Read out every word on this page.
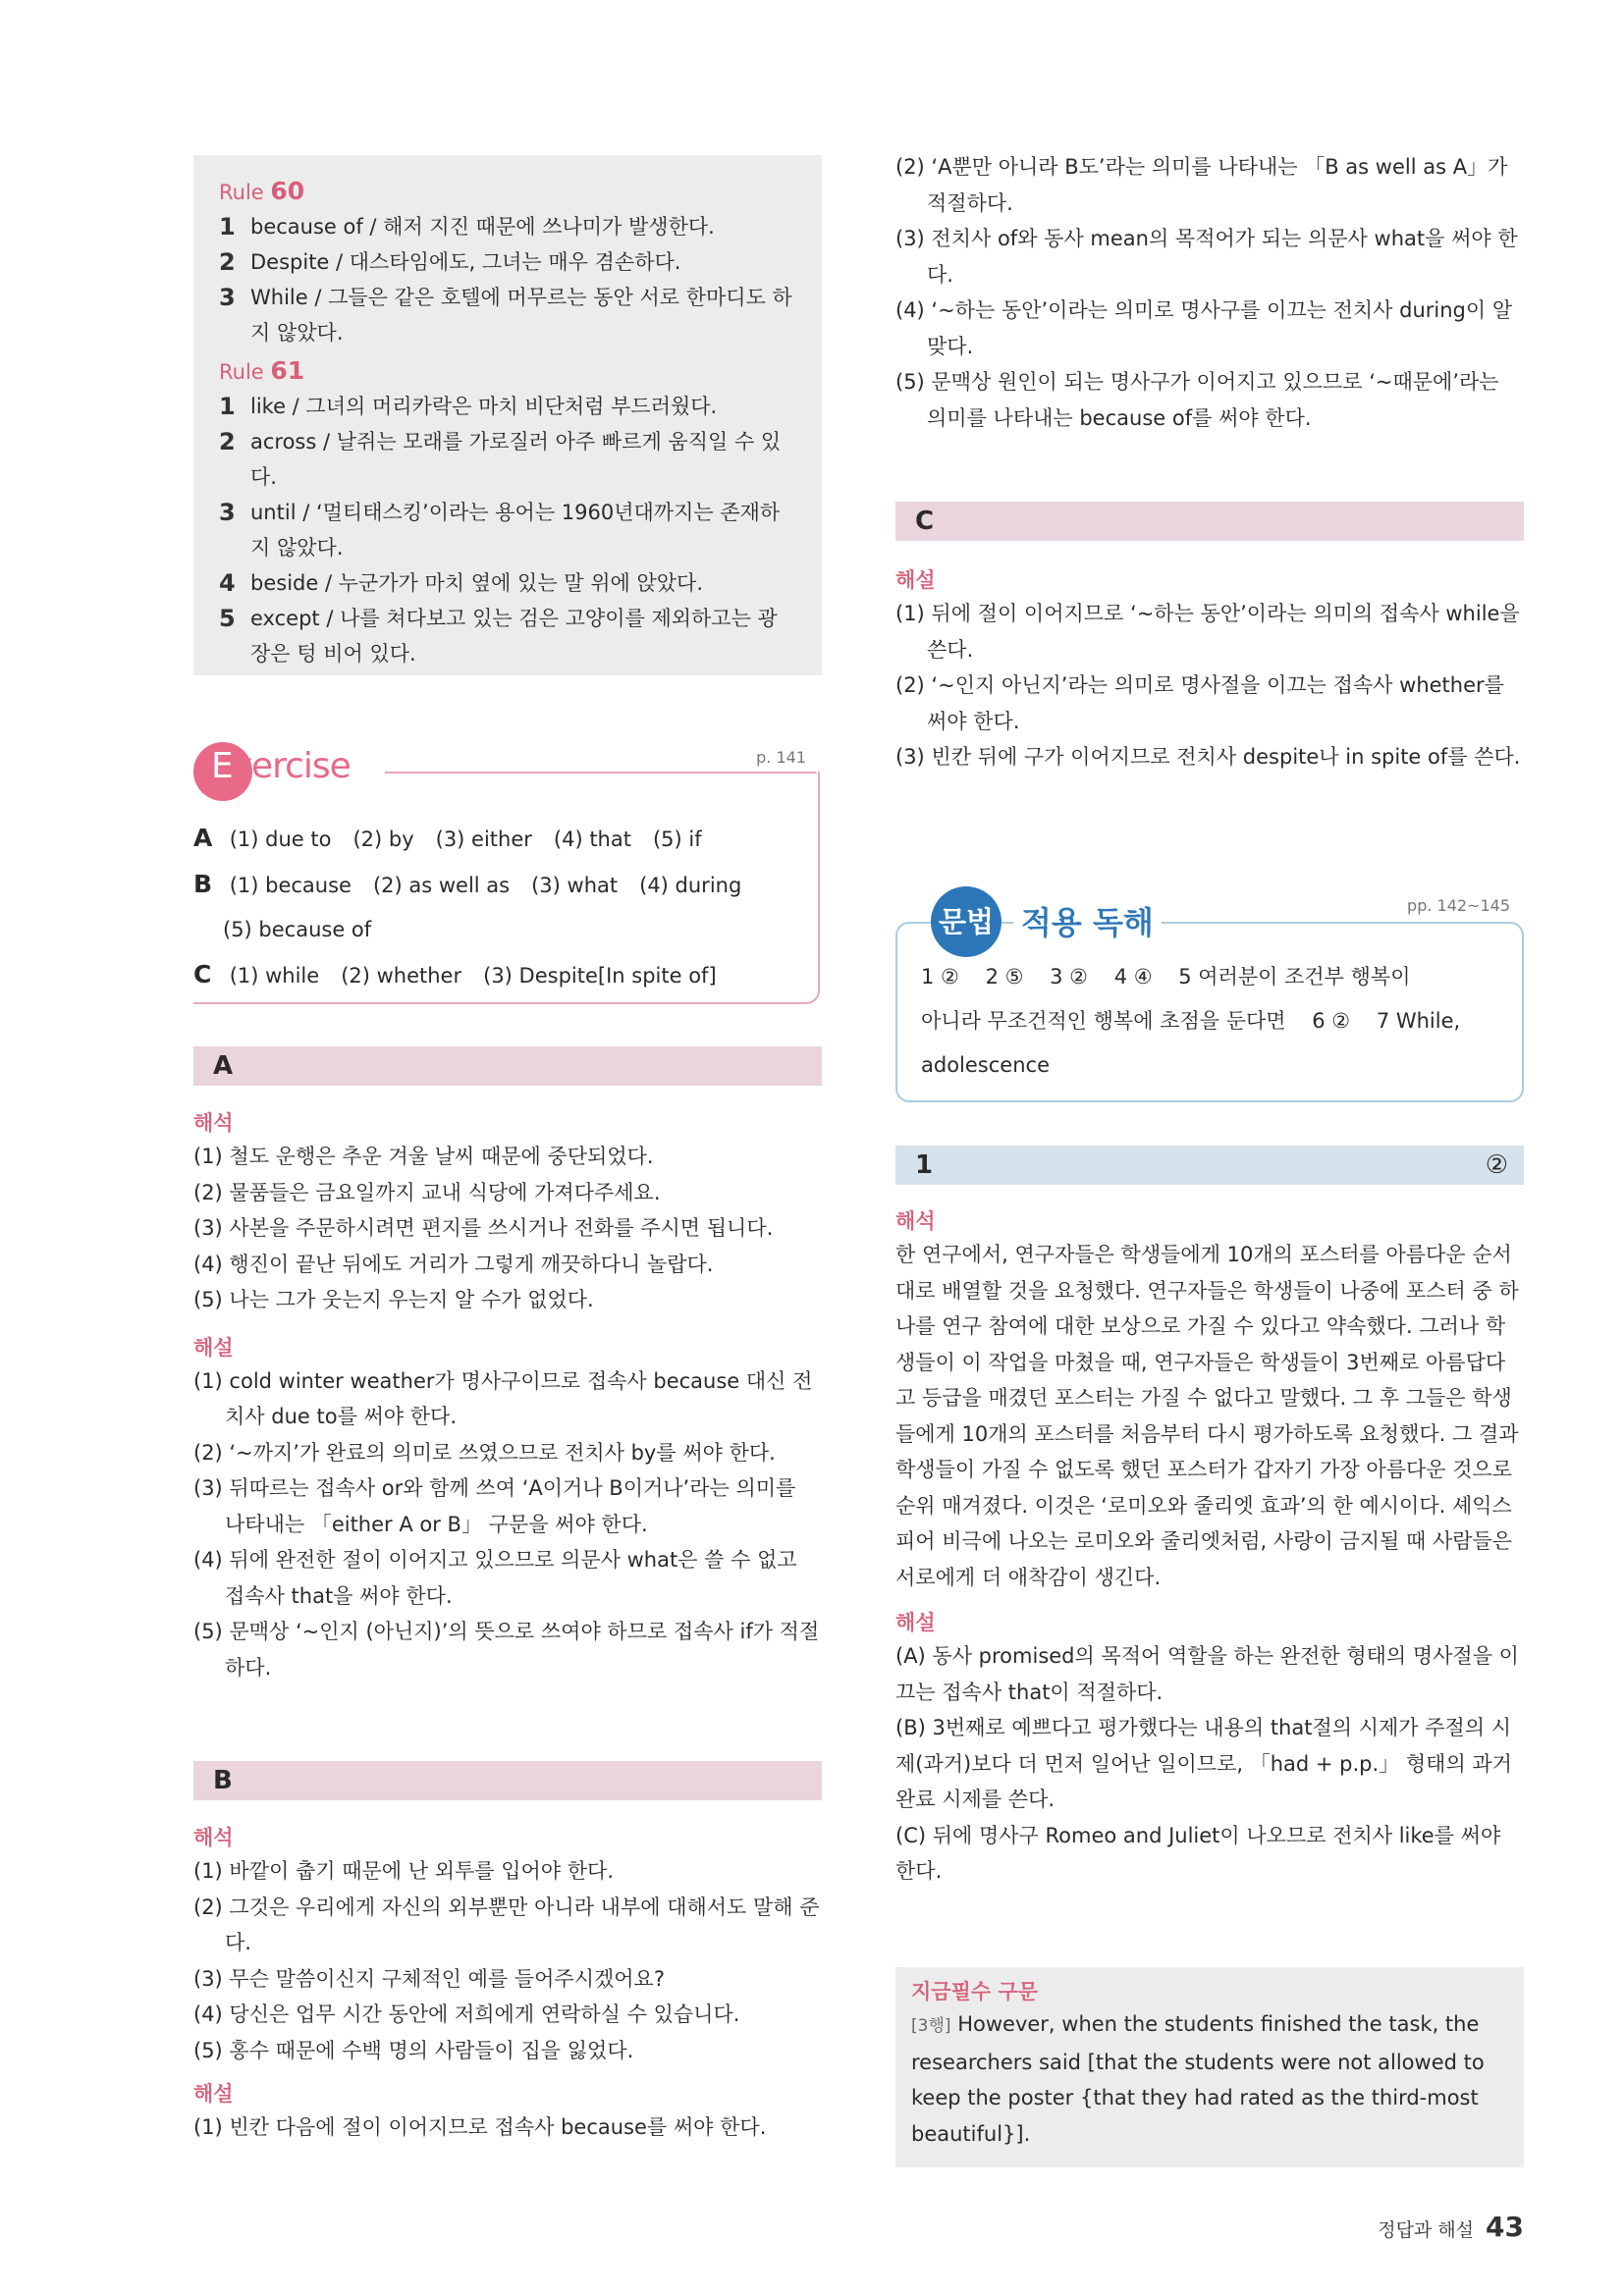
Rule 60
1 because of / 해저 지진 때문에 쓰나미가 발생한다.
2 Despite / 대스타임에도, 그녀는 매우 겸손하다.
3 While / 그들은 같은 호텔에 머무르는 동안 서로 한마디도 하지 않았다.
Rule 61
1 like / 그녀의 머리카락은 마치 비단처럼 부드러웠다.
2 across / 날쥐는 모래를 가로질러 아주 빠르게 움직일 수 있다.
3 until / ‘멀티태스킹’이라는 용어는 1960년대까지는 존재하지 않았다.
4 beside / 누군가가 마치 옆에 있는 말 위에 앉았다.
5 except / 나를 쳐다보고 있는 검은 고양이를 제외하고는 광장은 텅 비어 있다.
Exercise	p. 141
A (1) due to (2) by (3) either (4) that (5) if
B (1) because (2) as well as (3) what (4) during
(5) because of
C (1) while (2) whether (3) Despite[In spite of]
A
해석
(1) 철도 운행은 추운 겨울 날씨 때문에 중단되었다.
(2) 물품들은 금요일까지 교내 식당에 가져다주세요.
(3) 사본을 주문하시려면 편지를 쓰시거나 전화를 주시면 됩니다.
(4) 행진이 끝난 뒤에도 거리가 그렇게 깨끗하다니 놀랍다.
(5) 나는 그가 웃는지 우는지 알 수가 없었다.
해설
(1) cold winter weather가 명사구이므로 접속사 because 대신 전치사 due to를 써야 한다.
(2) ‘~까지’가 완료의 의미로 쓰였으므로 전치사 by를 써야 한다.
(3) 뒤따르는 접속사 or와 함께 쓰여 ‘A이거나 B이거나’라는 의미를 나타내는 「either A or B」 구문을 써야 한다.
(4) 뒤에 완전한 절이 이어지고 있으므로 의문사 what은 쓸 수 없고 접속사 that을 써야 한다.
(5) 문맥상 ‘~인지 (아닌지)’의 뜻으로 쓰여야 하므로 접속사 if가 적절하다.
B
해석
(1) 바깥이 춥기 때문에 난 외투를 입어야 한다.
(2) 그것은 우리에게 자신의 외부뿐만 아니라 내부에 대해서도 말해 준다.
(3) 무슨 말씀이신지 구체적인 예를 들어주시겠어요?
(4) 당신은 업무 시간 동안에 저희에게 연락하실 수 있습니다.
(5) 홍수 때문에 수백 명의 사람들이 집을 잃었다.
해설
(1) 빈칸 다음에 절이 이어지므로 접속사 because를 써야 한다.
(2) ‘A뿐만 아니라 B도’라는 의미를 나타내는 「B as well as A」가 적절하다.
(3) 전치사 of와 동사 mean의 목적어가 되는 의문사 what을 써야 한다.
(4) ‘~하는 동안’이라는 의미로 명사구를 이끄는 전치사 during이 알맞다.
(5) 문맥상 원인이 되는 명사구가 이어지고 있으므로 ‘~때문에’라는 의미를 나타내는 because of를 써야 한다.
C
해설
(1) 뒤에 절이 이어지므로 ‘~하는 동안’이라는 의미의 접속사 while을 쓴다.
(2) ‘~인지 아닌지’라는 의미로 명사절을 이끄는 접속사 whether를 써야 한다.
(3) 빈칸 뒤에 구가 이어지므로 전치사 despite나 in spite of를 쓴다.
문법 적용 독해	pp. 142~145
1 ②    2 ⑤    3 ②    4 ④    5 여러분이 조건부 행복이
아니라 무조건적인 행복에 초점을 둔다면    6 ②    7 While,
adolescence
1	②
해석
한 연구에서, 연구자들은 학생들에게 10개의 포스터를 아름다운 순서대로 배열할 것을 요청했다. 연구자들은 학생들이 나중에 포스터 중 하나를 연구 참여에 대한 보상으로 가질 수 있다고 약속했다. 그러나 학생들이 이 작업을 마쳤을 때, 연구자들은 학생들이 3번째로 아름답다고 등급을 매겼던 포스터는 가질 수 없다고 말했다. 그 후 그들은 학생들에게 10개의 포스터를 처음부터 다시 평가하도록 요청했다. 그 결과 학생들이 가질 수 없도록 했던 포스터가 갑자기 가장 아름다운 것으로 순위 매겨졌다. 이것은 ‘로미오와 줄리엣 효과’의 한 예시이다. 셰익스피어 비극에 나오는 로미오와 줄리엣처럼, 사랑이 금지될 때 사람들은 서로에게 더 애착감이 생긴다.
해설
(A) 동사 promised의 목적어 역할을 하는 완전한 형태의 명사절을 이끄는 접속사 that이 적절하다.
(B) 3번째로 예쁘다고 평가했다는 내용의 that절의 시제가 주절의 시제(과거)보다 더 먼저 일어난 일이므로, 「had + p.p.」 형태의 과거완료 시제를 쓴다.
(C) 뒤에 명사구 Romeo and Juliet이 나오므로 전치사 like를 써야 한다.
지금필수 구문
[3행] However, when the students finished the task, the researchers said [that the students were not allowed to keep the poster {that they had rated as the third-most beautiful}].
정답과 해설 43
